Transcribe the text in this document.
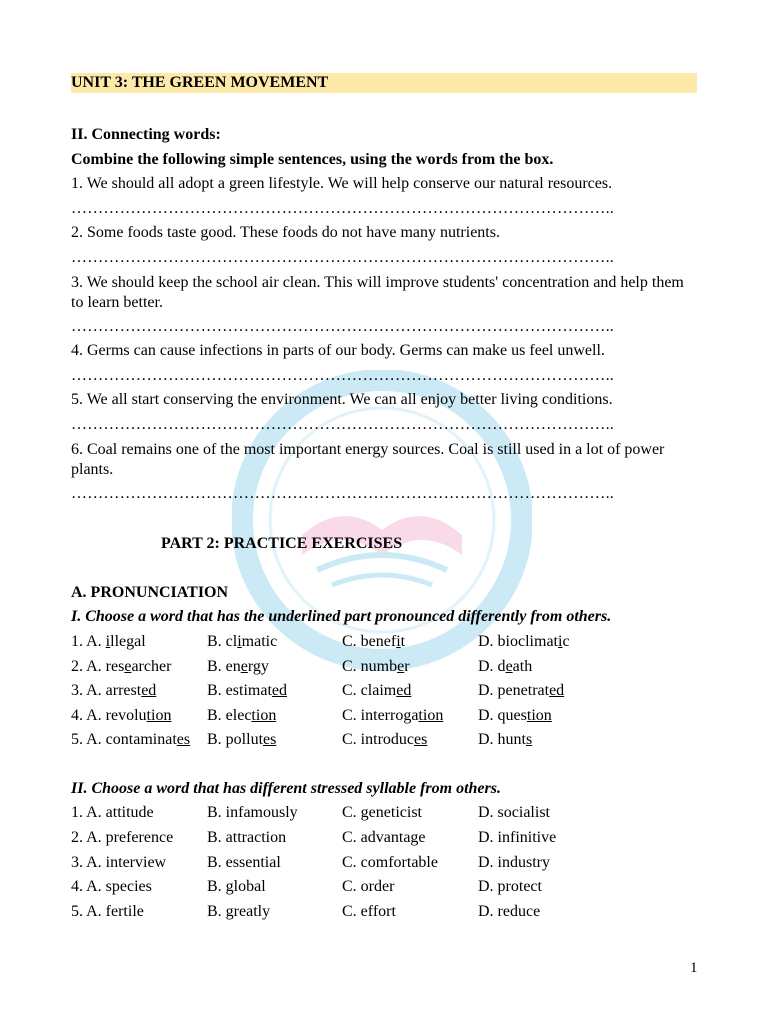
UNIT 3: THE GREEN MOVEMENT
II. Connecting words:
Combine the following simple sentences, using the words from the box.
1. We should all adopt a green lifestyle. We will help conserve our natural resources.
………………………………………………………………………………………..
2. Some foods taste good. These foods do not have many nutrients.
………………………………………………………………………………………..
3. We should keep the school air clean. This will improve students' concentration and help them to learn better.
………………………………………………………………………………………..
4. Germs can cause infections in parts of our body. Germs can make us feel unwell.
………………………………………………………………………………………..
5. We all start conserving the environment. We can all enjoy better living conditions.
………………………………………………………………………………………..
6. Coal remains one of the most important energy sources. Coal is still used in a lot of power plants.
………………………………………………………………………………………..
PART 2: PRACTICE EXERCISES
A. PRONUNCIATION
I. Choose a word that has the underlined part pronounced differently from others.
1. A. illegal	B. climatic	C. benefit	D. bioclimatic
2. A. researcher	B. energy	C. number	D. death
3. A. arrested	B. estimated	C. claimed	D. penetrated
4. A. revolution	B. election	C. interrogation	D. question
5. A. contaminates	B. pollutes	C. introduces	D. hunts
II. Choose a word that has different stressed syllable from others.
1. A. attitude	B. infamously	C. geneticist	D. socialist
2. A. preference	B. attraction	C. advantage	D. infinitive
3. A. interview	B. essential	C. comfortable	D. industry
4. A. species	B. global	C. order	D. protect
5. A. fertile	B. greatly	C. effort	D. reduce
1
